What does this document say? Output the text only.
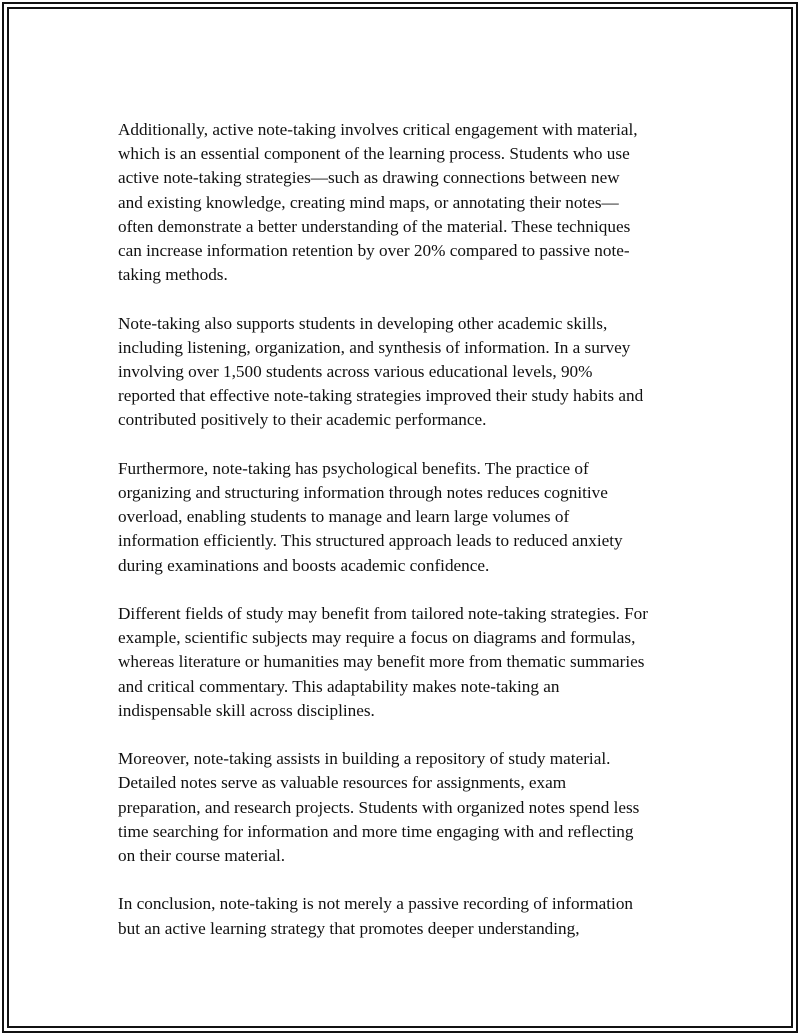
Additionally, active note-taking involves critical engagement with material,
which is an essential component of the learning process. Students who use
active note-taking strategies—such as drawing connections between new
and existing knowledge, creating mind maps, or annotating their notes—
often demonstrate a better understanding of the material. These techniques
can increase information retention by over 20% compared to passive note-
taking methods.

Note-taking also supports students in developing other academic skills,
including listening, organization, and synthesis of information. In a survey
involving over 1,500 students across various educational levels, 90%
reported that effective note-taking strategies improved their study habits and
contributed positively to their academic performance.

Furthermore, note-taking has psychological benefits. The practice of
organizing and structuring information through notes reduces cognitive
overload, enabling students to manage and learn large volumes of
information efficiently. This structured approach leads to reduced anxiety
during examinations and boosts academic confidence.

Different fields of study may benefit from tailored note-taking strategies. For
example, scientific subjects may require a focus on diagrams and formulas,
whereas literature or humanities may benefit more from thematic summaries
and critical commentary. This adaptability makes note-taking an
indispensable skill across disciplines.

Moreover, note-taking assists in building a repository of study material.
Detailed notes serve as valuable resources for assignments, exam
preparation, and research projects. Students with organized notes spend less
time searching for information and more time engaging with and reflecting
on their course material.

In conclusion, note-taking is not merely a passive recording of information
but an active learning strategy that promotes deeper understanding,
